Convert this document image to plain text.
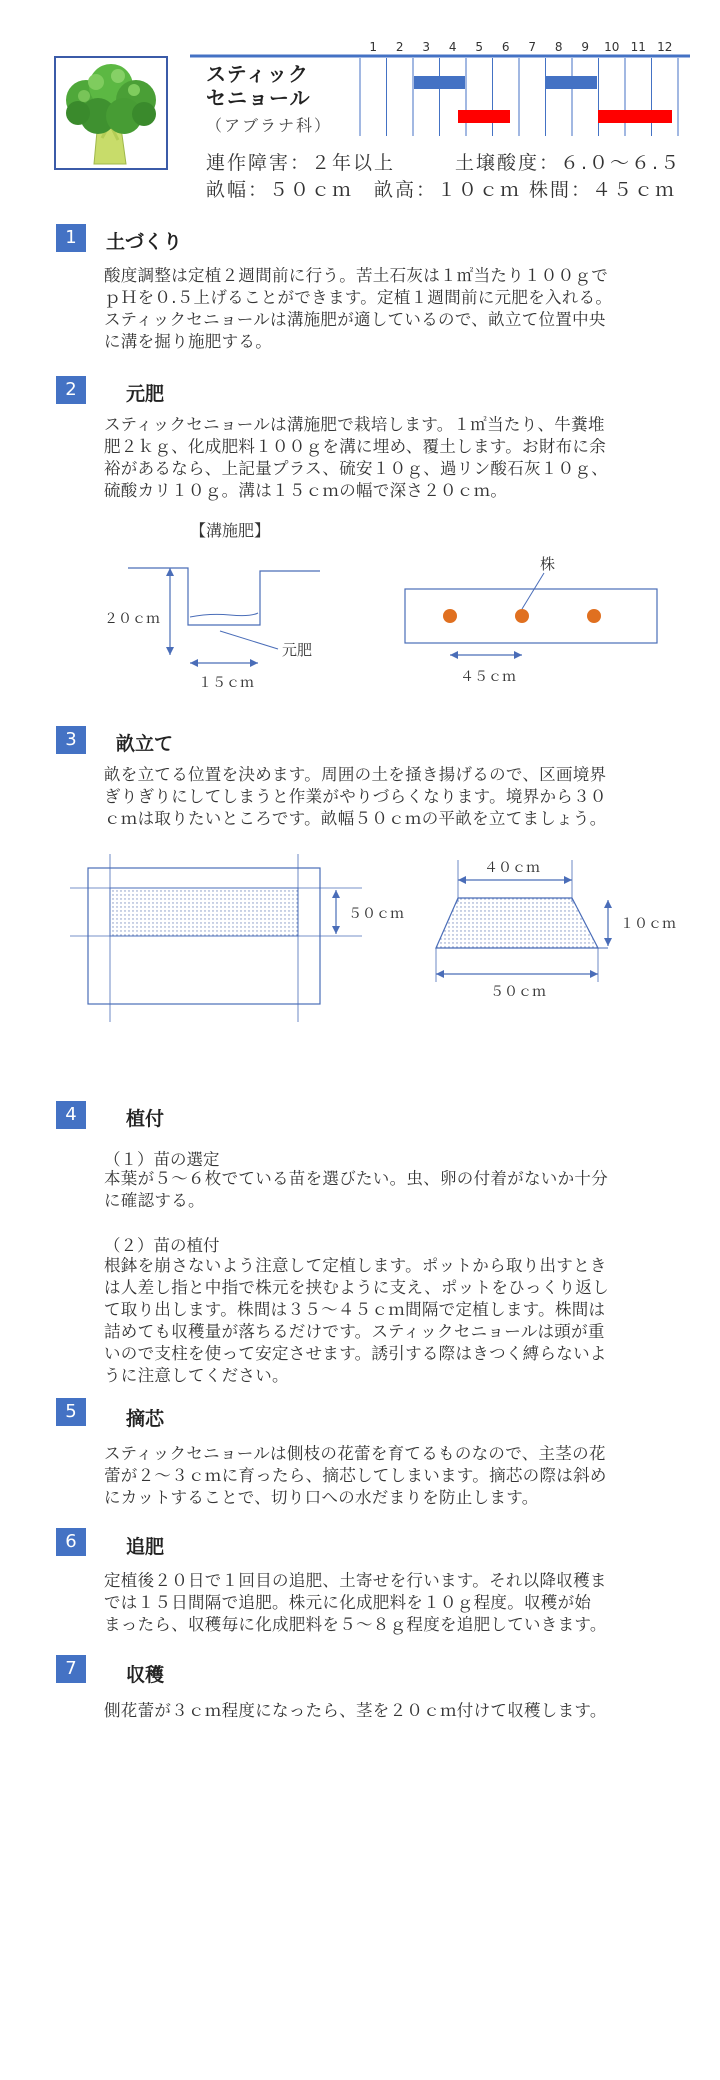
スティック
セニョール
（アブラナ科）
連作障害：２年以上	土壌酸度：６.０～６.５
畝幅：５０ｃｍ　畝高：１０ｃｍ 株間：４５ｃｍ
1 2 3 4 5 6 7 8 9 10 11 12
1	土づくり
酸度調整は定植２週間前に行う。苦土石灰は１㎡当たり１００ｇで
ｐＨを０.５上げることができます。定植１週間前に元肥を入れる。
スティックセニョールは溝施肥が適しているので、畝立て位置中央
に溝を掘り施肥する。
2	元肥
スティックセニョールは溝施肥で栽培します。１㎡当たり、牛糞堆
肥２ｋｇ、化成肥料１００ｇを溝に埋め、覆土します。お財布に余
裕があるなら、上記量プラス、硫安１０ｇ、過リン酸石灰１０ｇ、
硫酸カリ１０ｇ。溝は１５ｃｍの幅で深さ２０ｃｍ。
【溝施肥】
２０ｃｍ
１５ｃｍ
元肥
株
４５ｃｍ
3	畝立て
畝を立てる位置を決めます。周囲の土を掻き揚げるので、区画境界
ぎりぎりにしてしまうと作業がやりづらくなります。境界から３０
ｃｍは取りたいところです。畝幅５０ｃｍの平畝を立てましょう。
５０ｃｍ
４０ｃｍ
１０ｃｍ
５０ｃｍ
4	植付
（１）苗の選定
本葉が５～６枚でている苗を選びたい。虫、卵の付着がないか十分
に確認する。
（２）苗の植付
根鉢を崩さないよう注意して定植します。ポットから取り出すとき
は人差し指と中指で株元を挟むように支え、ポットをひっくり返し
て取り出します。株間は３５～４５ｃｍ間隔で定植します。株間は
詰めても収穫量が落ちるだけです。スティックセニョールは頭が重
いので支柱を使って安定させます。誘引する際はきつく縛らないよ
うに注意してください。
5	摘芯
スティックセニョールは側枝の花蕾を育てるものなので、主茎の花
蕾が２～３ｃｍに育ったら、摘芯してしまいます。摘芯の際は斜め
にカットすることで、切り口への水だまりを防止します。
6	追肥
定植後２０日で１回目の追肥、土寄せを行います。それ以降収穫ま
では１５日間隔で追肥。株元に化成肥料を１０ｇ程度。収穫が始
まったら、収穫毎に化成肥料を５～８ｇ程度を追肥していきます。
7	収穫
側花蕾が３ｃｍ程度になったら、茎を２０ｃｍ付けて収穫します。
